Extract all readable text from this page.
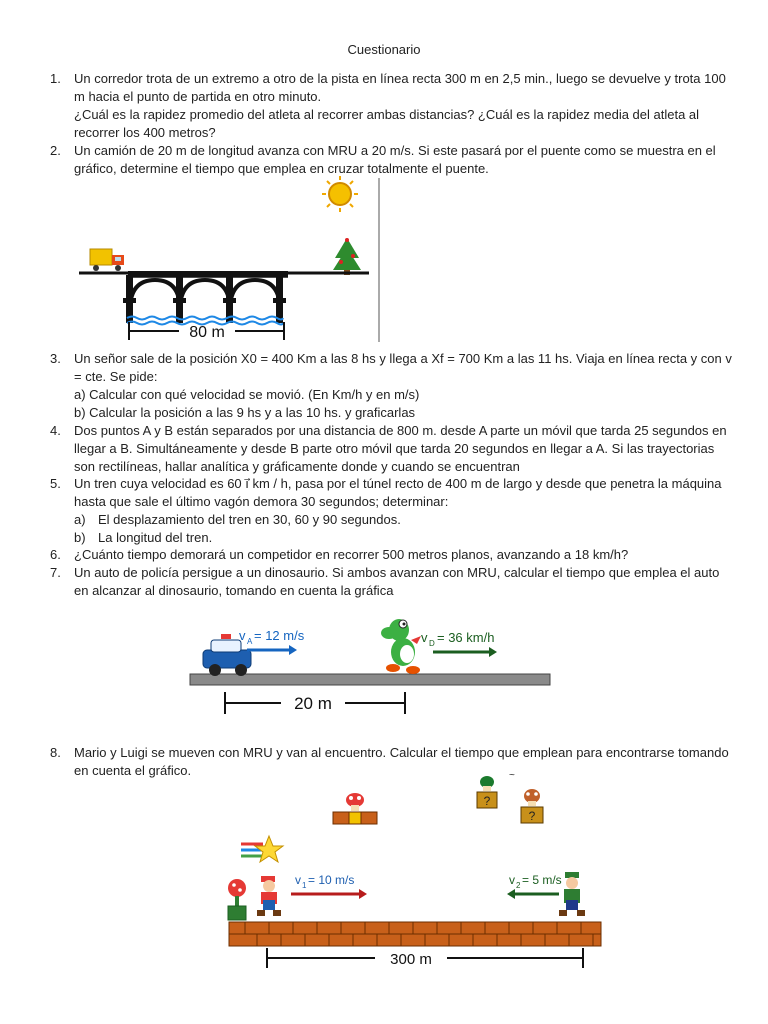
Cuestionario
1.	Un corredor trota de un extremo a otro de la pista en línea recta 300 m en 2,5 min., luego se devuelve y trota 100 m hacia el punto de partida en otro minuto.
¿Cuál es la rapidez promedio del atleta al recorrer ambas distancias? ¿Cuál es la rapidez media del atleta al recorrer los 400 metros?
2.	Un camión de 20 m de longitud avanza con MRU a 20 m/s. Si este pasará por el puente como se muestra en el gráfico, determine el tiempo que emplea en cruzar totalmente el puente.
80 m
3.	Un señor sale de la posición X0 = 400 Km a las 8 hs y llega a Xf = 700 Km a las 11 hs. Viaja en línea recta y con v = cte. Se pide:
a) Calcular con qué velocidad se movió. (En Km/h y en m/s)
b) Calcular la posición a las 9 hs y a las 10 hs. y graficarlas
4.	Dos puntos A y B están separados por una distancia de 800 m. desde A parte un móvil que tarda 25 segundos en llegar a B. Simultáneamente y desde B parte otro móvil que tarda 20 segundos en llegar a A. Si las trayectorias son rectilíneas, hallar analítica y gráficamente donde y cuando se encuentran
5.	Un tren cuya velocidad es 60 i⃗ km / h, pasa por el túnel recto de 400 m de largo y desde que penetra la máquina hasta que sale el último vagón demora 30 segundos; determinar:
a) El desplazamiento del tren en 30, 60 y 90 segundos.
b) La longitud del tren.
6.	¿Cuánto tiempo demorará un competidor en recorrer 500 metros planos, avanzando a 18 km/h?
7.	Un auto de policía persigue a un dinosaurio. Si ambos avanzan con MRU, calcular el tiempo que emplea el auto en alcanzar al dinosaurio, tomando en cuenta la gráfica
v A = 12 m/s	v D = 36 km/h
20 m
8.	Mario y Luigi se mueven con MRU y van al encuentro. Calcular el tiempo que emplean para encontrarse tomando en cuenta el gráfico.
?
~
?
v 1 = 10 m/s	v 2 = 5 m/s
300 m
